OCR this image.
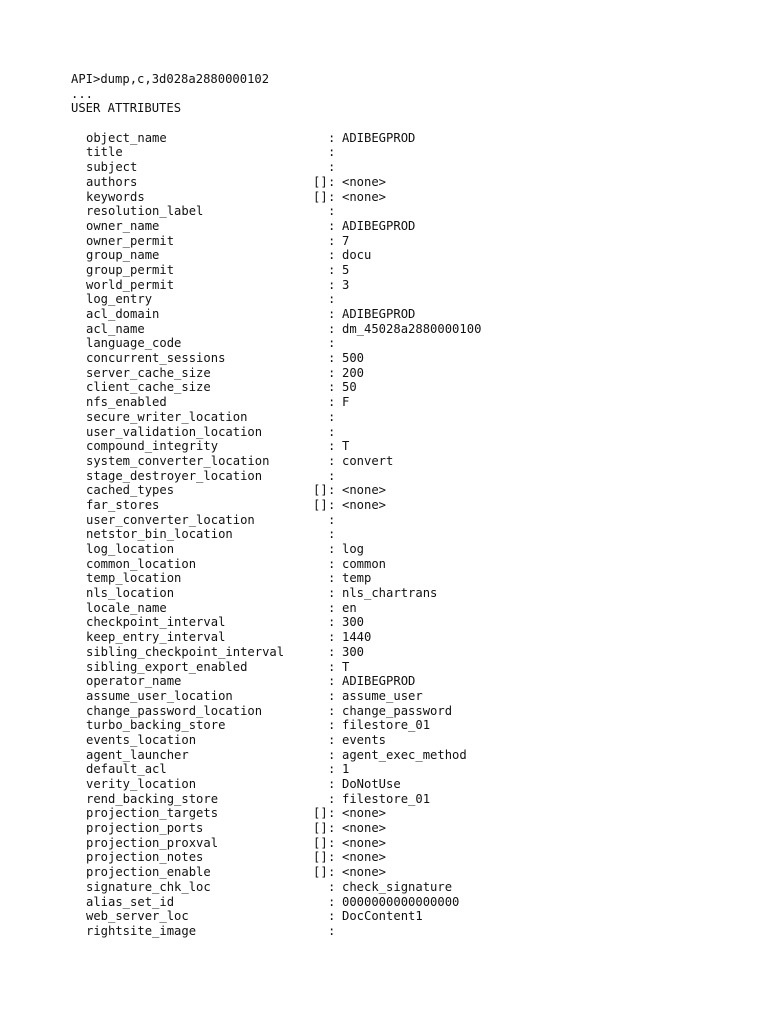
API>dump,c,3d028a2880000102
...
USER ATTRIBUTES
object_name	: ADIBEGPROD
title	:
subject	:
authors	[] : <none>
keywords	[] : <none>
resolution_label	:
owner_name	: ADIBEGPROD
owner_permit	: 7
group_name	: docu
group_permit	: 5
world_permit	: 3
log_entry	:
acl_domain	: ADIBEGPROD
acl_name	: dm_45028a2880000100
language_code	:
concurrent_sessions	: 500
server_cache_size	: 200
client_cache_size	: 50
nfs_enabled	: F
secure_writer_location	:
user_validation_location	:
compound_integrity	: T
system_converter_location	: convert
stage_destroyer_location	:
cached_types	[] : <none>
far_stores	[] : <none>
user_converter_location	:
netstor_bin_location	:
log_location	: log
common_location	: common
temp_location	: temp
nls_location	: nls_chartrans
locale_name	: en
checkpoint_interval	: 300
keep_entry_interval	: 1440
sibling_checkpoint_interval	: 300
sibling_export_enabled	: T
operator_name	: ADIBEGPROD
assume_user_location	: assume_user
change_password_location	: change_password
turbo_backing_store	: filestore_01
events_location	: events
agent_launcher	: agent_exec_method
default_acl	: 1
verity_location	: DoNotUse
rend_backing_store	: filestore_01
projection_targets	[] : <none>
projection_ports	[] : <none>
projection_proxval	[] : <none>
projection_notes	[] : <none>
projection_enable	[] : <none>
signature_chk_loc	: check_signature
alias_set_id	: 0000000000000000
web_server_loc	: DocContent1
rightsite_image	:
